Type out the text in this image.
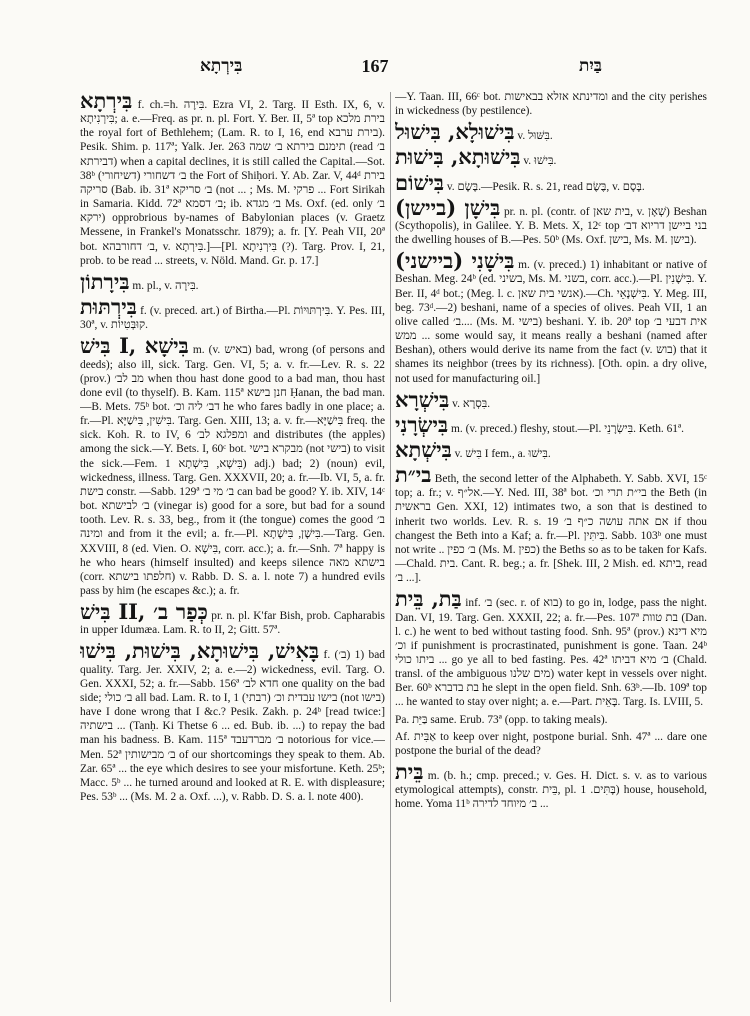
בִּירְתָא	167	בַּיִת
בִּירְתָא f. ch.=h. בִּירָה. Ezra VI, 2. Targ. II Esth. IX, 6, v. בִּירְנִיתָא; a. e.—Freq. as pr. n. pl. Fort. Y. Ber. II, 5ª top בירת מלכא the royal fort of Bethlehem; (Lam. R. to I, 16, end בירת ערבא). Pesik. Shim. p. 117ª; Yalk. Jer. 263 תימנם בירתא ב׳ שמה (read ב׳ דבירתא) when a capital declines, it is still called the Capital.—Sot. 38ᵇ (דשיחורי) ב׳ דשחורי the Fort of Shiḥori. Y. Ab. Zar. V, 44ᵈ בירת סריקה (Bab. ib. 31ª ב׳ סריקא (not ... ; Ms. M. פרקי ... Fort Sirikah in Samaria. Kidd. 72ª ב׳ דסמא; ib. ב׳ מגדא Ms. Oxf. (ed. only ב׳ ירקא) opprobrious by-names of Babylonian places (v. Graetz Messene, in Frankel's Monatsschr. 1879); a. fr. [Y. Peah VII, 20ª bot. ב׳ דחורבהא, v. בִּירְתָא.]—[Pl. בִּירְנִיתָא (?). Targ. Prov. I, 21, prob. to be read ... streets, v. Nöld. Mand. Gr. p. 17.]
בִּירָתוֹן m. pl., v. בִּירָה.
בִּירְתּוּת f. (v. preced. art.) of Birtha.—Pl. בִּירְתּוּיוֹת. Y. Pes. III, 30ª, v. קוּבְּטִיוֹת.
בִּישׁ I, בִּישָׁא m. (v. באיש) bad, wrong (of persons and deeds); also ill, sick. Targ. Gen. VI, 5; a. v. fr.—Lev. R. s. 22 (prov.) מב לב׳ when thou hast done good to a bad man, thou hast done evil (to thyself). B. Kam. 115ª חנן בישא Ḥanan, the bad man.—B. Mets. 75ᵇ bot. דב׳ ליה וכ׳ he who fares badly in one place; a. fr.—Pl. בִּישִׁין, בִּישַׁיָּא. Targ. Gen. XIII, 13; a. v. fr.—בִּישַׁיָּא freq. the sick. Koh. R. to IV, 6 ומפלגא לב׳ and distributes (the apples) among the sick.—Y. Bets. I, 60ᶜ bot. מבקרא בישי (not בישי) to visit the sick.—Fem. בִּישָׁא, בִּישְׁתָא 1) adj.) bad; 2) (noun) evil, wickedness, illness. Targ. Gen. XXXVII, 20; a. fr.—Ib. VI, 5, a. fr. בישת constr. —Sabb. 129ª ב׳ מי ב׳ can bad be good? Y. ib. XIV, 14ᶜ bot. ב׳ לבישתא (vinegar is) good for a sore, but bad for a sound tooth. Lev. R. s. 33, beg., from it (the tongue) comes the good ב׳ ומינה and from it the evil; a. fr.—Pl. בִּישָׁן, בִּישָׁתָא.—Targ. Gen. XXVIII, 8 (ed. Vien. O. בִּישָׁא, corr. acc.); a. fr.—Snh. 7ª happy is he who hears (himself insulted) and keeps silence בישתא מאה (corr. חלפתו בישתא) v. Rabb. D. S. a. l. note 7) a hundred evils pass by him (he escapes &c.); a. fr.
בִּישׁ II, כְּפַר ב׳ pr. n. pl. K'far Bish, prob. Capharabis in upper Idumæa. Lam. R. to II, 2; Gitt. 57ª.
בָּאִישׁ, בִּישׁוּתָא, בִּישׁוּת, בִּישׁוּ f. (ב׳) 1) bad quality. Targ. Jer. XXIV, 2; a. e.—2) wickedness, evil. Targ. O. Gen. XXXI, 52; a. fr.—Sabb. 156ª חדא לב׳ one quality on the bad side; ב׳ כולי all bad. Lam. R. to I, 1 (רבתי) בישו עבדית וכ׳ (not בישו) have I done wrong that I &c.? Pesik. Zakh. p. 24ᵇ [read twice:] בישתיה ... (Tanḥ. Ki Thetse 6 ... ed. Bub. ib. ...) to repay the bad man his badness. B. Kam. 115ª ב׳ מברדעבד notorious for vice.—Men. 52ª ב׳ מבישותין of our shortcomings they speak to them. Ab. Zar. 65ª ... the eye which desires to see your misfortune. Keth. 25ᵇ; Macc. 5ᵇ ... he turned around and looked at R. E. with displeasure; Pes. 53ᵇ ... (Ms. M. 2 a. Oxf. ...), v. Rabb. D. S. a. l. note 400).
—Y. Taan. III, 66ᶜ bot. ומדינתא אזלא בבאישות and the city perishes in wickedness (by pestilence).
בִּישׁוּלָא, בִּישׁוּל v. בִּשּׁוּל.
בִּישׁוּתָא, בִּישׁוּת v. בִּישׁוּ.
בִּישׁוֹם v. בֶּשֶׂם.—Pesik. R. s. 21, read בֶּשֶׂם, v. בָּסָם.
(ביישן) בִּישָׁן pr. n. pl. (contr. of בית שאן, v. שְׁאָן) Beshan (Scythopolis), in Galilee. Y. B. Mets. X, 12ᶜ top בני ביישן דריוא דב׳ the dwelling houses of B.—Pes. 50ᵇ (Ms. Oxf. בישן, Ms. M. בישן).
(ביישני) בִּישָׁנִי m. (v. preced.) 1) inhabitant or native of Beshan. Meg. 24ᵇ (ed. בשיני, Ms. M. בשני, corr. acc.).—Pl. בִּישָׁנִין. Y. Ber. II, 4ᵈ bot.; (Meg. l. c. אנשי בית שאן).—Ch. בִּישְׁנָאֵי. Y. Meg. III, beg. 73ᵈ.—2) beshani, name of a species of olives. Peah VII, 1 an olive called ב׳.... (Ms. M. בישי) beshani. Y. ib. 20ª top אית דבעי ב׳ ממש ... some would say, it means really a beshani (named after Beshan), others would derive its name from the fact (v. בוש) that it shames its neighbor (trees by its richness). [Oth. opin. a dry olive, not used for manufacturing oil.]
בִּישְׁרָא v. בִּסְרָא.
בִּישְׂרָנִי m. (v. preced.) fleshy, stout.—Pl. בִּישְׂרָנֵי. Keth. 61ª.
בִּישְׁתָא v. בִּישׁ I fem., a. בִּישׁוּ.
בי״ת Beth, the second letter of the Alphabeth. Y. Sabb. XVI, 15ᶜ top; a. fr.; v. אל״ף.—Y. Ned. III, 38ª bot. בי״ת תרי וכ׳ the Beth (in בראשית Gen. XXI, 12) intimates two, a son that is destined to inherit two worlds. Lev. R. s. 19 אם אתה עושה כ״ף ב׳ if thou changest the Beth into a Kaf; a. fr.—Pl. בִּיתִּין. Sabb. 103ᵇ one must not write .. ב׳ כפין (Ms. M. כפין) the Beths so as to be taken for Kafs.—Chald. בית. Cant. R. beg.; a. fr. [Shek. III, 2 Mish. ed. ביתא, read ב׳ ...].
בַּת, בֵּית inf. ב׳ (sec. r. of בוא) to go in, lodge, pass the night. Dan. VI, 19. Targ. Gen. XXXII, 22; a. fr.—Pes. 107ª בת טוות (Dan. l. c.) he went to bed without tasting food. Snh. 95ª (prov.) מיא דינא וכ׳ if punishment is procrastinated, punishment is gone. Taan. 24ᵇ ביתו כולי ... go ye all to bed fasting. Pes. 42ª ב׳ מיא דביתו (Chald. transl. of the ambiguous מים שלנו) water kept in vessels over night. Ber. 60ᵇ בת בדברא he slept in the open field. Snh. 63ᵇ.—Ib. 109ª top ... he wanted to stay over night; a. e.—Part. בָּאֵית. Targ. Is. LVIII, 5.
Pa. בַּיֵּת same. Erub. 73ª (opp. to taking meals).
Af. אַבִּית to keep over night, postpone burial. Snh. 47ª ... dare one postpone the burial of the dead?
בֵּית m. (b. h.; cmp. preced.; v. Ges. H. Dict. s. v. as to various etymological attempts), constr. בֵּית, pl. בָּתִּים. 1) house, household, home. Yoma 11ᵇ ב׳ מיוחד לדירה ...
